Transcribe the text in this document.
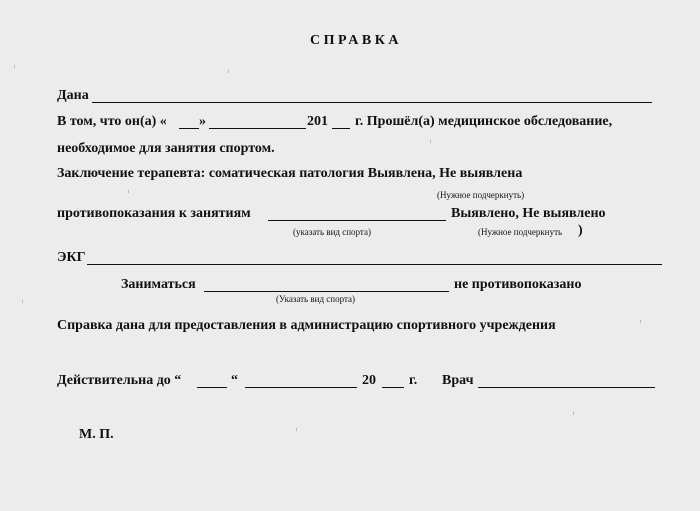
СПРАВКА
Дана
В том, что он(а) « »	201 г. Прошёл(а) медицинское обследование,
необходимое для занятия спортом.
Заключение терапевта: соматическая патология Выявлена, Не выявлена
(Нужное подчеркнуть)
противопоказания к занятиям	Выявлено, Не выявлено
(указать вид спорта)	(Нужное подчеркнуть )
ЭКГ
Заниматься	не противопоказано
(Указать вид спорта)
Справка дана для предоставления в администрацию спортивного учреждения
Действительна до “	“	20 г. Врач
М. П.
